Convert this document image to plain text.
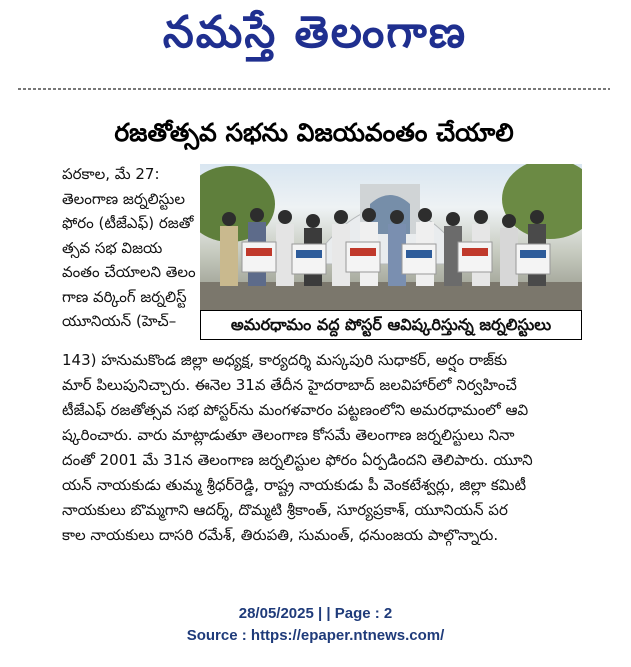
నమస్తే తెలంగాణ
రజతోత్సవ సభను విజయవంతం చేయాలి
పరకాల, మే 27:
తెలంగాణ జర్నలిస్టుల
ఫోరం (టీజేఎఫ్) రజతో
త్సవ సభ విజయ
వంతం చేయాలని తెలం
గాణ వర్కింగ్ జర్నలిస్ట్
యూనియన్ (హెచ్–	అమరధామం వద్ద పోస్టర్ ఆవిష్కరిస్తున్న జర్నలిస్టులు
143) హనుమకొండ జిల్లా అధ్యక్ష, కార్యదర్శి మస్కపురి సుధాకర్, అర్షం రాజ్‌కు
మార్ పిలుపునిచ్చారు. ఈనెల 31వ తేదీన హైదరాబాద్ జలవిహార్‌లో నిర్వహించే
టీజేఎఫ్ రజతోత్సవ సభ పోస్టర్‌ను మంగళవారం పట్టణంలోని అమరధామంలో ఆవి
ష్కరించారు. వారు మాట్లాడుతూ తెలంగాణ కోసమే తెలంగాణ జర్నలిస్టులు నినా
దంతో 2001 మే 31న తెలంగాణ జర్నలిస్టుల ఫోరం ఏర్పడిందని తెలిపారు. యూని
యన్ నాయకుడు తుమ్మ శ్రీధర్‌రెడ్డి, రాష్ట్ర నాయకుడు పీ వెంకటేశ్వర్లు, జిల్లా కమిటీ
నాయకులు బొమ్మగాని ఆదర్శ్, దొమ్మటి శ్రీకాంత్, సూర్యప్రకాశ్, యూనియన్ పర
కాల నాయకులు దాసరి రమేశ్, తిరుపతి, సుమంత్, ధనుంజయ పాల్గొన్నారు.
28/05/2025 | | Page : 2
Source : https://epaper.ntnews.com/
